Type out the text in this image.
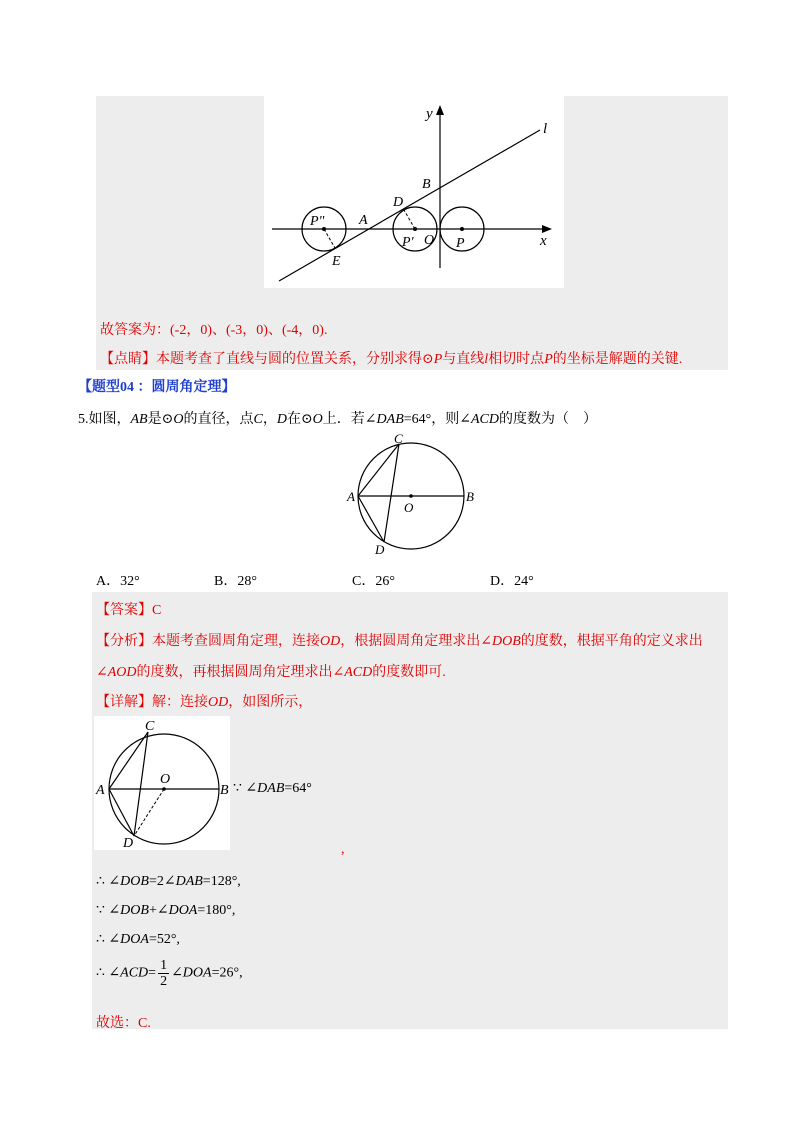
y
x
l
B
D
A
E
P"
P' O P
故答案为：(-2，0)、(-3，0)、(-4，0).
【点睛】本题考查了直线与圆的位置关系，分别求得⊙P与直线l相切时点P的坐标是解题的关键.
【题型04 ：圆周角定理】
5.如图，AB是⊙O的直径，点C，D在⊙O上．若∠DAB=64°，则∠ACD的度数为（　）
C
A	B
O
D
A．32°	B．28°	C．26°	D．24°
【答案】C
【分析】本题考查圆周角定理，连接OD，根据圆周角定理求出∠DOB的度数，根据平角的定义求出
∠AOD的度数，再根据圆周角定理求出∠ACD的度数即可.
【详解】解：连接OD，如图所示，
C
A	B
O
D
∵ ∠DAB=64°
,
∴ ∠DOB=2∠DAB=128°,
∵ ∠DOB+∠DOA=180°,
∴ ∠DOA=52°,
∴ ∠ACD= $\frac{1}{2}$ ∠DOA=26°,
故选：C.
